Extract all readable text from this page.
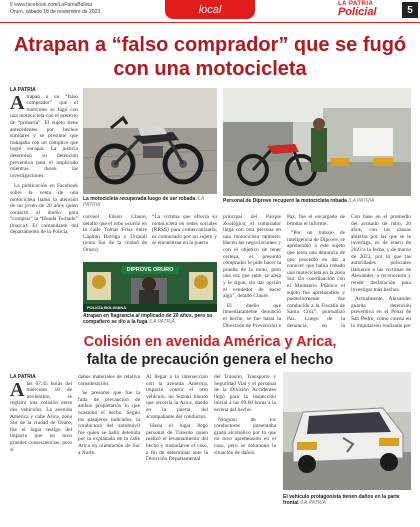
f/ www.facebook.com/LaPatriaBolivia
Oruro, sábado 18 de noviembre de 2023	local	LA PATRIA
Policial	5
Atrapan a “falso comprador” que se fugó con una motocicleta
LA PATRIA
A trapan a un “falso comprador” que el miércoles se fugó con una motocicleta con el pretexto de “probarla”. El sujeto tiene antecedentes por hechos similares y se presume que trabajaba con un cómplice que logró escapar. La justicia determinó su detención preventiva para el implicado mientras duren las investigaciones.
La publicación en Facebook sobre la venta de una motocicleta llamó la atención de un joven de 20 años quien contactó al dueño para “comprar” la “Honda Tornado” (marca). El comandante del departamento de la Policía,
La motocicleta recuperada luego de ser robada /LA PATRIA
Personal de Diprove recuperó la motocicleta robada /LA PATRIA
coronel Edson Claure, detalló que el robo ocurrió en la calle Tomás Frías entre Capitán Barriga y Urquidi (zona Sur de la ciudad de Oruro).
“La víctima que ofrecía su motocicleta en redes sociales (RRSS) para comercializarla, es contactado por un sujeto y se encuentran en la puerta
DIPROVE ORURO
POLICÍA BOLIVIANA
Atrapan en flagrancia al implicado de 20 años, pero su compañero se dio a la fuga /LA PATRIA
principal del Parque Zoológico, el comprador llega con otra persona en una motocicleta también. Hacen las negociaciones y con el objetivo de tener certeza, el presunto comprador le pide hacer la prueba de la moto, pero una vez que sube, se aleja y le sigue, sin dar opción el vendedor de hacer algo”, detalló Claure.
El dueño que inmediatamente denunció el hecho, se fue hasta la Dirección de Prevención e
Paz, fue el encargado de brindar el informe.
“Por un trabajo de inteligencia de Diprove, se aprehendió a este sujeto que tenía una denuncia de que procedió en dar a conocer que había robado una motocicleta en la zona Sur. En coordinación con el Ministerio Público el sujeto fue aprehendido y posteriormente fue conducido a la Fiscalía de Santa Cruz”, puntualizó Paz. Luego de la denuncia, en la
Con base en el promedio del acusado de robo, 20 años, con las causas abiertas por las que se le investiga, es de enero de 2022 a la fecha, y de marzo de 2023, por lo que las autoridades policiales llamaron a las víctimas de Alexander, a reconocerlo y rendir declaración para investigar más hechos.
Actualmente, Alexander guarda detención preventiva en el Penal de San Pedro, como consta en la imputación realizada por
Colisión en avenida América y Arica,
falta de precaución genera el hecho
LA PATRIA
A las 07:45 horas del miércoles 18 de noviembre, se registró una colisión entre dos vehículos. La avenida América y calle Arica, zona Sur de la ciudad de Oruro, fue el lugar testigo del impacto que no tuvo grandes consecuencias, pero sí
daños materiales de relativa consideración.
Se presume que fue la falta de precaución de ambos propietarios lo que ocasionó el hecho. Según los pasajeros indicados, la conductora del automóvil fue quien se halló detenida por la explanada de la calle Arica en orientación de Sur a Norte.
Al llegar a la intersección con la avenida América, impactó contra el otro vehículo, un Suzuki blanco que recorría la Arica, dando en la puerta del acompañante del conductor.
Hasta el lugar llegó personal de Tránsito quien realizó el levantamiento del hecho y trasladaron el caso, a fin de determinar ante la Dirección Departamental
del Tránsito, Transporte y Seguridad Vial y el personal de la División Accidentes llegó para la inspección inicial a las 09:00 horas a la escena del hecho.
Ninguno de los conductores presentaba grado alcohólico por lo que no tuvo aprehensión en el caso, pero se solucionó la situación de daños.
El vehículo protagonista tienen daños en la parte frontal /LA PATRIA
